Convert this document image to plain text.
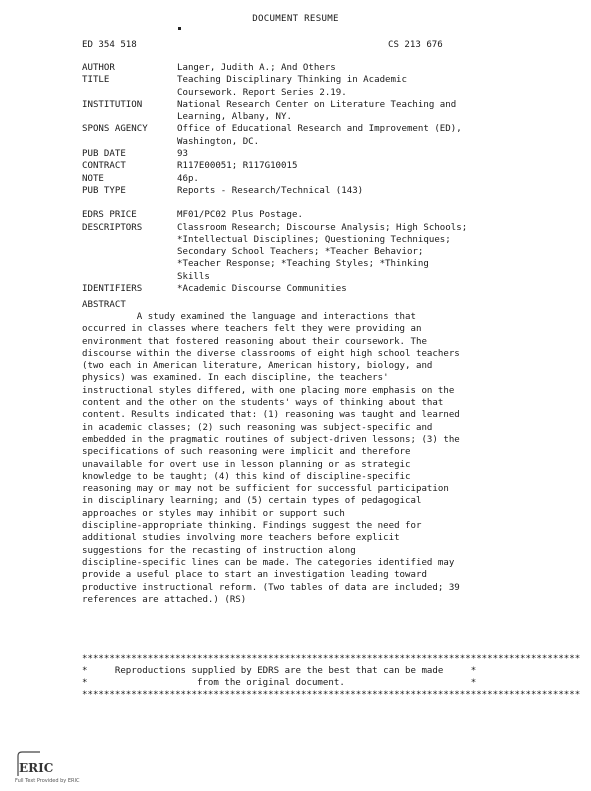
DOCUMENT RESUME
ED 354 518	CS 213 676
AUTHOR	Langer, Judith A.; And Others
TITLE	Teaching Disciplinary Thinking in Academic
Coursework. Report Series 2.19.
INSTITUTION	National Research Center on Literature Teaching and
Learning, Albany, NY.
SPONS AGENCY	Office of Educational Research and Improvement (ED),
Washington, DC.
PUB DATE	93
CONTRACT	R117E00051; R117G10015
NOTE	46p.
PUB TYPE	Reports - Research/Technical (143)
EDRS PRICE	MF01/PC02 Plus Postage.
DESCRIPTORS	Classroom Research; Discourse Analysis; High Schools;
*Intellectual Disciplines; Questioning Techniques;
Secondary School Teachers; *Teacher Behavior;
*Teacher Response; *Teaching Styles; *Thinking
Skills
IDENTIFIERS	*Academic Discourse Communities
ABSTRACT
A study examined the language and interactions that
occurred in classes where teachers felt they were providing an
environment that fostered reasoning about their coursework. The
discourse within the diverse classrooms of eight high school teachers
(two each in American literature, American history, biology, and
physics) was examined. In each discipline, the teachers'
instructional styles differed, with one placing more emphasis on the
content and the other on the students' ways of thinking about that
content. Results indicated that: (1) reasoning was taught and learned
in academic classes; (2) such reasoning was subject-specific and
embedded in the pragmatic routines of subject-driven lessons; (3) the
specifications of such reasoning were implicit and therefore
unavailable for overt use in lesson planning or as strategic
knowledge to be taught; (4) this kind of discipline-specific
reasoning may or may not be sufficient for successful participation
in disciplinary learning; and (5) certain types of pedagogical
approaches or styles may inhibit or support such
discipline-appropriate thinking. Findings suggest the need for
additional studies involving more teachers before explicit
suggestions for the recasting of instruction along
discipline-specific lines can be made. The categories identified may
provide a useful place to start an investigation leading toward
productive instructional reform. (Two tables of data are included; 39
references are attached.) (RS)
*******************************************************************************************
*     Reproductions supplied by EDRS are the best that can be made     *
*                    from the original document.                       *
*******************************************************************************************
ERIC
Full Text Provided by ERIC
